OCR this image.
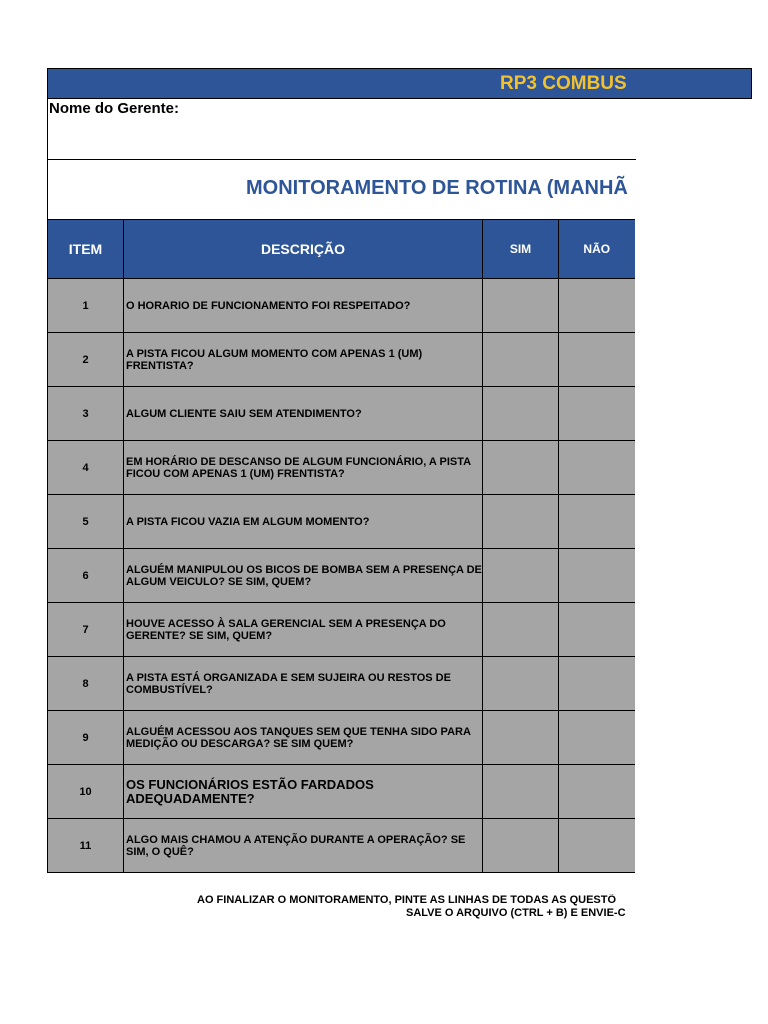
RP3 COMBUS
Nome do Gerente:
MONITORAMENTO DE ROTINA (MANHÃ
ITEM	DESCRIÇÃO	SIM	NÃO
1	O HORARIO DE FUNCIONAMENTO FOI RESPEITADO?		
2	A PISTA FICOU ALGUM MOMENTO COM APENAS 1 (UM) FRENTISTA?		
3	ALGUM CLIENTE SAIU SEM ATENDIMENTO?		
4	EM HORÁRIO DE DESCANSO DE ALGUM FUNCIONÁRIO, A PISTA FICOU COM APENAS 1 (UM) FRENTISTA?		
5	A PISTA FICOU VAZIA EM ALGUM MOMENTO?		
6	ALGUÉM MANIPULOU OS BICOS DE BOMBA SEM A PRESENÇA DE ALGUM VEICULO? SE SIM, QUEM?		
7	HOUVE ACESSO À SALA GERENCIAL SEM A PRESENÇA DO GERENTE? SE SIM, QUEM?		
8	A PISTA ESTÁ ORGANIZADA E SEM SUJEIRA OU RESTOS DE COMBUSTÍVEL?		
9	ALGUÉM ACESSOU AOS TANQUES SEM QUE TENHA SIDO PARA MEDIÇÃO OU DESCARGA? SE SIM QUEM?		
10	OS FUNCIONÁRIOS ESTÃO FARDADOS ADEQUADAMENTE?		
11	ALGO MAIS CHAMOU A ATENÇÃO DURANTE A OPERAÇÃO? SE SIM, O QUÊ?		
AO FINALIZAR O MONITORAMENTO, PINTE AS LINHAS DE TODAS AS QUESTÕ
SALVE O ARQUIVO (CTRL + B) E ENVIE-C
